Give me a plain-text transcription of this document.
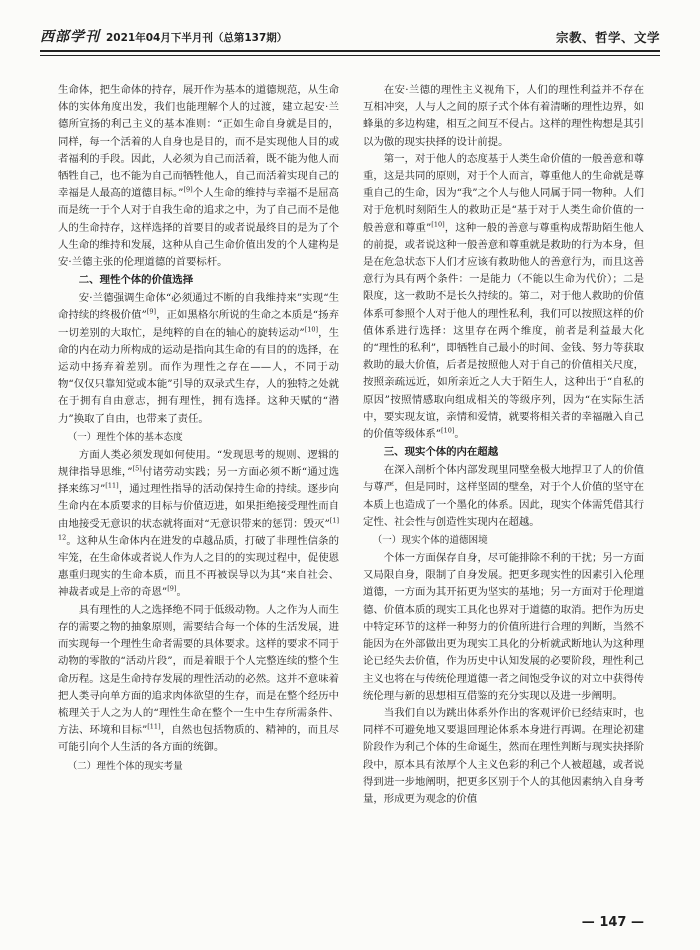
西部学刊 2021年04月下半月刊（总第137期）	宗教、哲学、文学

生命体，把生命体的持存，展开作为基本的道德规范，从生命体的实体角度出发，我们也能理解个人的过渡，建立起安·兰德所宣扬的利己主义的基本准则：“正如生命自身就是目的，同样，每一个活着的人自身也是目的，而不是实现他人目的或者福利的手段。因此，人必须为自己而活着，既不能为他人而牺牲自己，也不能为自己而牺牲他人，自己而活着实现自己的幸福是人最高的道德目标。”[9]个人生命的维持与幸福不是屈高而是统一于个人对于自我生命的追求之中，为了自己而不是他人的生命持存，这样选择的首要目的或者说最终目的是为了个人生命的维持和发展，这种从自己生命价值出发的个人建构是安·兰德主张的伦理道德的首要标杆。

二、理性个体的价值选择

安·兰德强调生命体“必须通过不断的自我维持来”实现“生命持续的终极价值”[9]，正如黑格尔所说的生命之本质是“扬弃一切差别的大取忙，是纯粹的自在的轴心的旋转运动”[10]，生命的内在动力所构成的运动是指向其生命的有目的的选择，在运动中扬弃着差别。而作为理性之存在——人，不同于动物“仅仅只靠知觉或本能”引导的双录式生存，人的独特之处就在于拥有自由意志，拥有理性，拥有选择。这种天赋的“潜力”换取了自由，也带来了责任。

（一）理性个体的基本态度

方面人类必须发现如何使用。“发现思考的规则、逻辑的规律指导思维，”[5]付诸劳动实践；另一方面必须不断“通过选择来练习”[11]，通过理性指导的活动保持生命的持续。逐步向生命内在本质要求的目标与价值迈进，如果拒绝接受理性而自由地接受无意识的状态就将面对“无意识带来的惩罚：毁灭”$^{[1]12}$。这种从生命体内在进发的卓越品质，打破了非理性信条的牢笼，在生命体或者说人作为人之目的的实现过程中，促使恩惠重归现实的生命本质，而且不再被误导以为其“来自社会、神裁者或是上帝的奇恩”[9]。

具有理性的人之选择绝不同于低级动物。人之作为人而生存的需要之物的抽象原则，需要结合每一个体的生活发展，进而实现每一个理性生命者需要的具体要求。这样的要求不同于动物的零散的“活动片段”，而是着眼于个人完整连续的整个生命历程。这是生命持存发展的理性活动的必然。这并不意味着把人类寻向单方面的追求肉体欲望的生存，而是在整个经历中梳理关于人之为人的“理性生命在整个一生中生存所需条件、方法、环境和目标”[11]，自然也包括物质的、精神的，而且尽可能引向个人生活的各方面的统御。

（二）理性个体的现实考量

在安·兰德的理性主义视角下，人们的理性利益并不存在互相冲突，人与人之间的原子式个体有着清晰的理性边界，如蜂巢的多边构建，相互之间互不侵占。这样的理性构想是其引以为傲的现实抉择的设计前提。

第一，对于他人的态度基于人类生命价值的一般善意和尊重，这是共同的原则，对于个人而言，尊重他人的生命就是尊重自己的生命，因为“我”之个人与他人同属于同一物种。人们对于危机时刻陌生人的救助正是“基于对于人类生命价值的一般善意和尊重”[10]，这种一般的善意与尊重构成帮助陌生他人的前提，或者说这种一般善意和尊重就是救助的行为本身，但是在危急状态下人们才应该有救助他人的善意行为，而且这善意行为具有两个条件：一是能力（不能以生命为代价）；二是限度，这一救助不是长久持续的。第二，对于他人救助的价值体系可参照个人对于他人的理性私利，我们可以按照这样的价值体系进行选择：这里存在两个维度，前者是利益最大化的“理性的私利”，即牺牲自己最小的时间、金钱、努力等获取救助的最大价值，后者是按照他人对于自己的价值相关尺度，按照亲疏远近，如所亲近之人大于陌生人，这种出于“自私的原因”按照情感取向组成相关的等级序列，因为“在实际生活中，要实现友谊，亲情和爱情，就要将相关者的幸福融入自己的价值等级体系”[10]。

三、现实个体的内在超越

在深入剖析个体内部发现里同壁垒极大地捍卫了人的价值与尊严，但是同时，这样坚固的壁垒，对于个人价值的坚守在本质上也造成了一个墨化的体系。因此，现实个体需凭借其行定性、社会性与创造性实现内在超越。

（一）现实个体的道德困境

个体一方面保存自身，尽可能排除不利的干扰；另一方面又局限自身，限制了自身发展。把更多现实性的因素引入伦理道德，一方面为其开拓更为坚实的基地；另一方面对于伦理道德、价值本质的现实工具化也界对于道德的取消。把作为历史中特定环节的这样一种努力的价值所进行合理的判断，当然不能因为在外部做出更为现实工具化的分析就武断地认为这种理论已经失去价值，作为历史中认知发展的必要阶段，理性利己主义也将在与传统伦理道德一者之间饱受争议的对立中获得传统伦理与新的思想相互借鉴的充分实现以及进一步阐明。

当我们自以为跳出体系外作出的客观评价已经结束时，也同样不可避免地又要退回理论体系本身进行再调。在理论初建阶段作为利己个体的生命诞生，然而在理性判断与现实抉择阶段中，原本具有浓厚个人主义色彩的利己个人被超越，或者说得到进一步地阐明，把更多区别于个人的其他因素纳入自身考量，形成更为观念的价值

— 147 —
